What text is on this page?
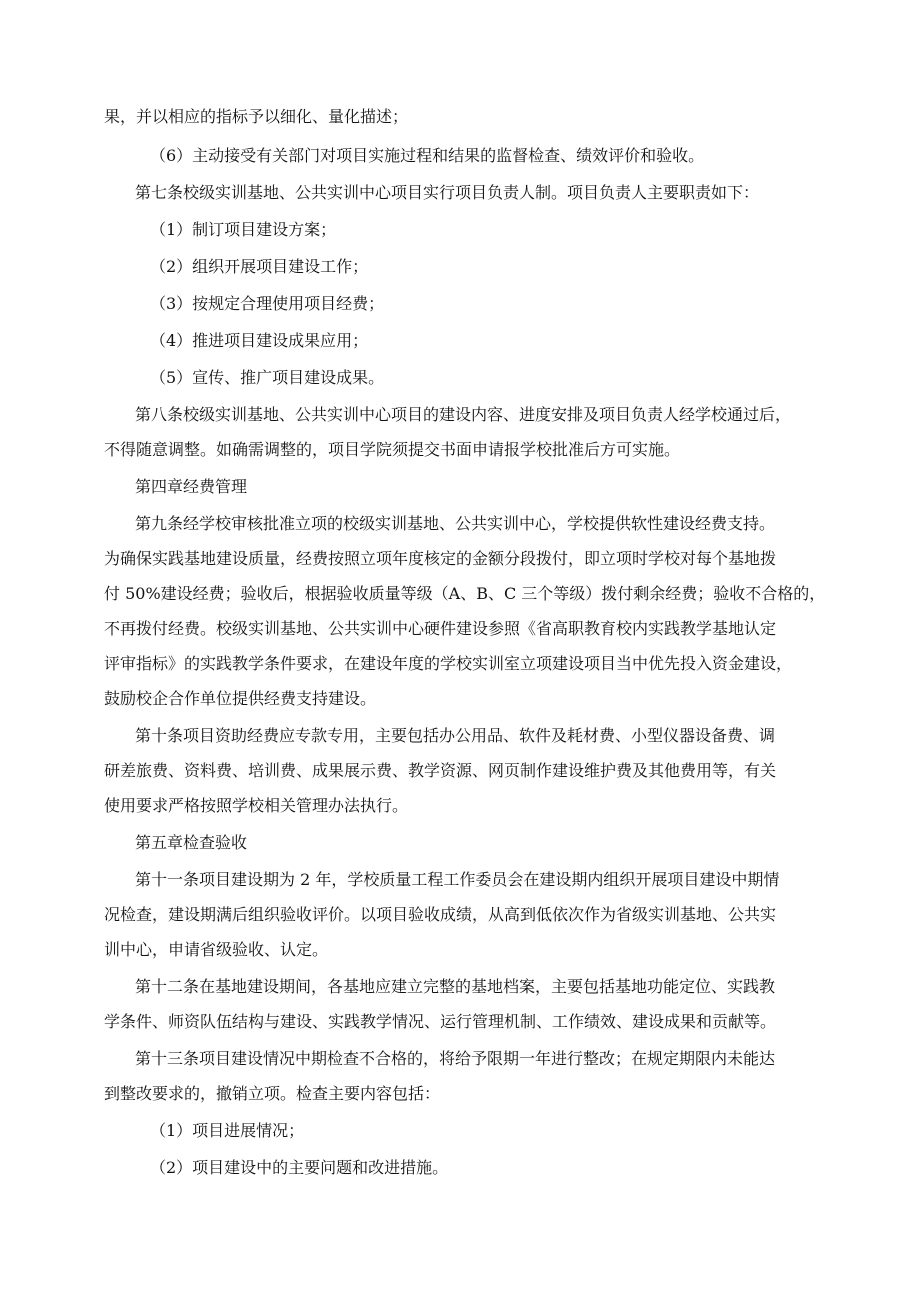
果，并以相应的指标予以细化、量化描述；

（6）主动接受有关部门对项目实施过程和结果的监督检查、绩效评价和验收。

第七条校级实训基地、公共实训中心项目实行项目负责人制。项目负责人主要职责如下：

（1）制订项目建设方案；

（2）组织开展项目建设工作；

（3）按规定合理使用项目经费；

（4）推进项目建设成果应用；

（5）宣传、推广项目建设成果。

第八条校级实训基地、公共实训中心项目的建设内容、进度安排及项目负责人经学校通过后，

不得随意调整。如确需调整的，项目学院须提交书面申请报学校批准后方可实施。

第四章经费管理

第九条经学校审核批准立项的校级实训基地、公共实训中心，学校提供软性建设经费支持。

为确保实践基地建设质量，经费按照立项年度核定的金额分段拨付，即立项时学校对每个基地拨

付 50%建设经费；验收后，根据验收质量等级（A、B、C 三个等级）拨付剩余经费；验收不合格的，

不再拨付经费。校级实训基地、公共实训中心硬件建设参照《省高职教育校内实践教学基地认定

评审指标》的实践教学条件要求，在建设年度的学校实训室立项建设项目当中优先投入资金建设，

鼓励校企合作单位提供经费支持建设。

第十条项目资助经费应专款专用，主要包括办公用品、软件及耗材费、小型仪器设备费、调

研差旅费、资料费、培训费、成果展示费、教学资源、网页制作建设维护费及其他费用等，有关

使用要求严格按照学校相关管理办法执行。

第五章检查验收

第十一条项目建设期为 2 年，学校质量工程工作委员会在建设期内组织开展项目建设中期情

况检查，建设期满后组织验收评价。以项目验收成绩，从高到低依次作为省级实训基地、公共实

训中心，申请省级验收、认定。

第十二条在基地建设期间，各基地应建立完整的基地档案，主要包括基地功能定位、实践教

学条件、师资队伍结构与建设、实践教学情况、运行管理机制、工作绩效、建设成果和贡献等。

第十三条项目建设情况中期检查不合格的，将给予限期一年进行整改；在规定期限内未能达

到整改要求的，撤销立项。检查主要内容包括：

（1）项目进展情况；

（2）项目建设中的主要问题和改进措施。
